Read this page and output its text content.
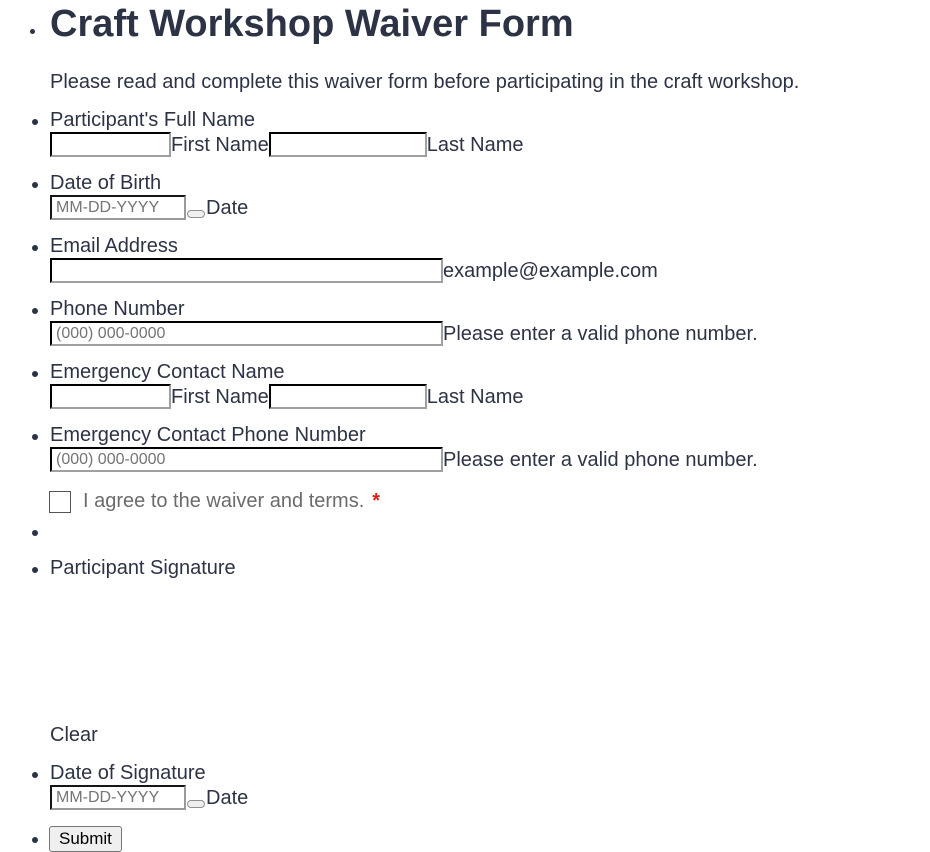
Craft Workshop Waiver Form
Please read and complete this waiver form before participating in the craft workshop.
Participant's Full Name
First Name	Last Name
Date of Birth
MM-DD-YYYY
Date
Email Address
example@example.com
Phone Number
(000) 000-0000
Please enter a valid phone number.
Emergency Contact Name
First Name	Last Name
Emergency Contact Phone Number
(000) 000-0000
Please enter a valid phone number.
I agree to the waiver and terms. *
Participant Signature
Clear
Date of Signature
MM-DD-YYYY
Date
Submit
